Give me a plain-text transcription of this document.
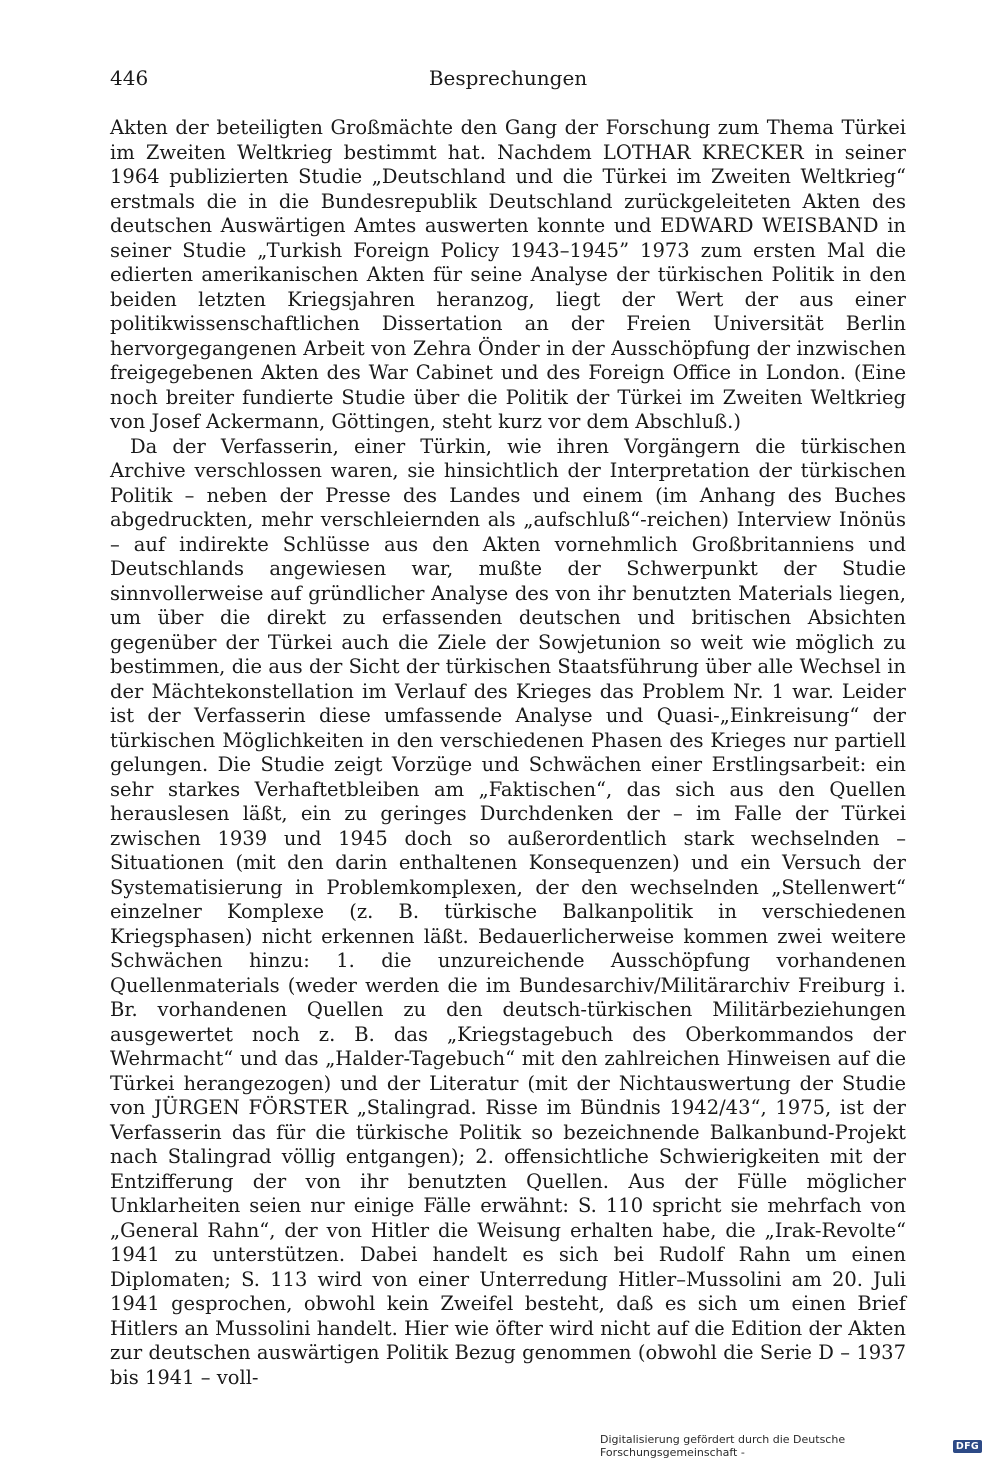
446	Besprechungen

Akten der beteiligten Großmächte den Gang der Forschung zum Thema Türkei im Zweiten Weltkrieg bestimmt hat. Nachdem LOTHAR KRECKER in seiner 1964 publizierten Studie „Deutschland und die Türkei im Zweiten Weltkrieg“ erstmals die in die Bundesrepublik Deutschland zurückgeleiteten Akten des deutschen Auswärtigen Amtes auswerten konnte und EDWARD WEISBAND in seiner Studie „Turkish Foreign Policy 1943–1945” 1973 zum ersten Mal die edierten amerikanischen Akten für seine Analyse der türkischen Politik in den beiden letzten Kriegsjahren heranzog, liegt der Wert der aus einer politikwissenschaftlichen Dissertation an der Freien Universität Berlin hervorgegangenen Arbeit von Zehra Önder in der Ausschöpfung der inzwischen freigegebenen Akten des War Cabinet und des Foreign Office in London. (Eine noch breiter fundierte Studie über die Politik der Türkei im Zweiten Weltkrieg von Josef Ackermann, Göttingen, steht kurz vor dem Abschluß.)

Da der Verfasserin, einer Türkin, wie ihren Vorgängern die türkischen Archive verschlossen waren, sie hinsichtlich der Interpretation der türkischen Politik – neben der Presse des Landes und einem (im Anhang des Buches abgedruckten, mehr verschleiernden als „aufschluß“-reichen) Interview Inönüs – auf indirekte Schlüsse aus den Akten vornehmlich Großbritanniens und Deutschlands angewiesen war, mußte der Schwerpunkt der Studie sinnvollerweise auf gründlicher Analyse des von ihr benutzten Materials liegen, um über die direkt zu erfassenden deutschen und britischen Absichten gegenüber der Türkei auch die Ziele der Sowjetunion so weit wie möglich zu bestimmen, die aus der Sicht der türkischen Staatsführung über alle Wechsel in der Mächtekonstellation im Verlauf des Krieges das Problem Nr. 1 war. Leider ist der Verfasserin diese umfassende Analyse und Quasi-„Einkreisung“ der türkischen Möglichkeiten in den verschiedenen Phasen des Krieges nur partiell gelungen. Die Studie zeigt Vorzüge und Schwächen einer Erstlingsarbeit: ein sehr starkes Verhaftetbleiben am „Faktischen“, das sich aus den Quellen herauslesen läßt, ein zu geringes Durchdenken der – im Falle der Türkei zwischen 1939 und 1945 doch so außerordentlich stark wechselnden – Situationen (mit den darin enthaltenen Konsequenzen) und ein Versuch der Systematisierung in Problemkomplexen, der den wechselnden „Stellenwert“ einzelner Komplexe (z. B. türkische Balkanpolitik in verschiedenen Kriegsphasen) nicht erkennen läßt. Bedauerlicherweise kommen zwei weitere Schwächen hinzu: 1. die unzureichende Ausschöpfung vorhandenen Quellenmaterials (weder werden die im Bundesarchiv/Militärarchiv Freiburg i. Br. vorhandenen Quellen zu den deutsch-türkischen Militärbeziehungen ausgewertet noch z. B. das „Kriegstagebuch des Oberkommandos der Wehrmacht“ und das „Halder-Tagebuch“ mit den zahlreichen Hinweisen auf die Türkei herangezogen) und der Literatur (mit der Nichtauswertung der Studie von JÜRGEN FÖRSTER „Stalingrad. Risse im Bündnis 1942/43“, 1975, ist der Verfasserin das für die türkische Politik so bezeichnende Balkanbund-Projekt nach Stalingrad völlig entgangen); 2. offensichtliche Schwierigkeiten mit der Entzifferung der von ihr benutzten Quellen. Aus der Fülle möglicher Unklarheiten seien nur einige Fälle erwähnt: S. 110 spricht sie mehrfach von „General Rahn“, der von Hitler die Weisung erhalten habe, die „Irak-Revolte“ 1941 zu unterstützen. Dabei handelt es sich bei Rudolf Rahn um einen Diplomaten; S. 113 wird von einer Unterredung Hitler–Mussolini am 20. Juli 1941 gesprochen, obwohl kein Zweifel besteht, daß es sich um einen Brief Hitlers an Mussolini handelt. Hier wie öfter wird nicht auf die Edition der Akten zur deutschen auswärtigen Politik Bezug genommen (obwohl die Serie D – 1937 bis 1941 – voll-

Digitalisierung gefördert durch die Deutsche Forschungsgemeinschaft -	DFG
